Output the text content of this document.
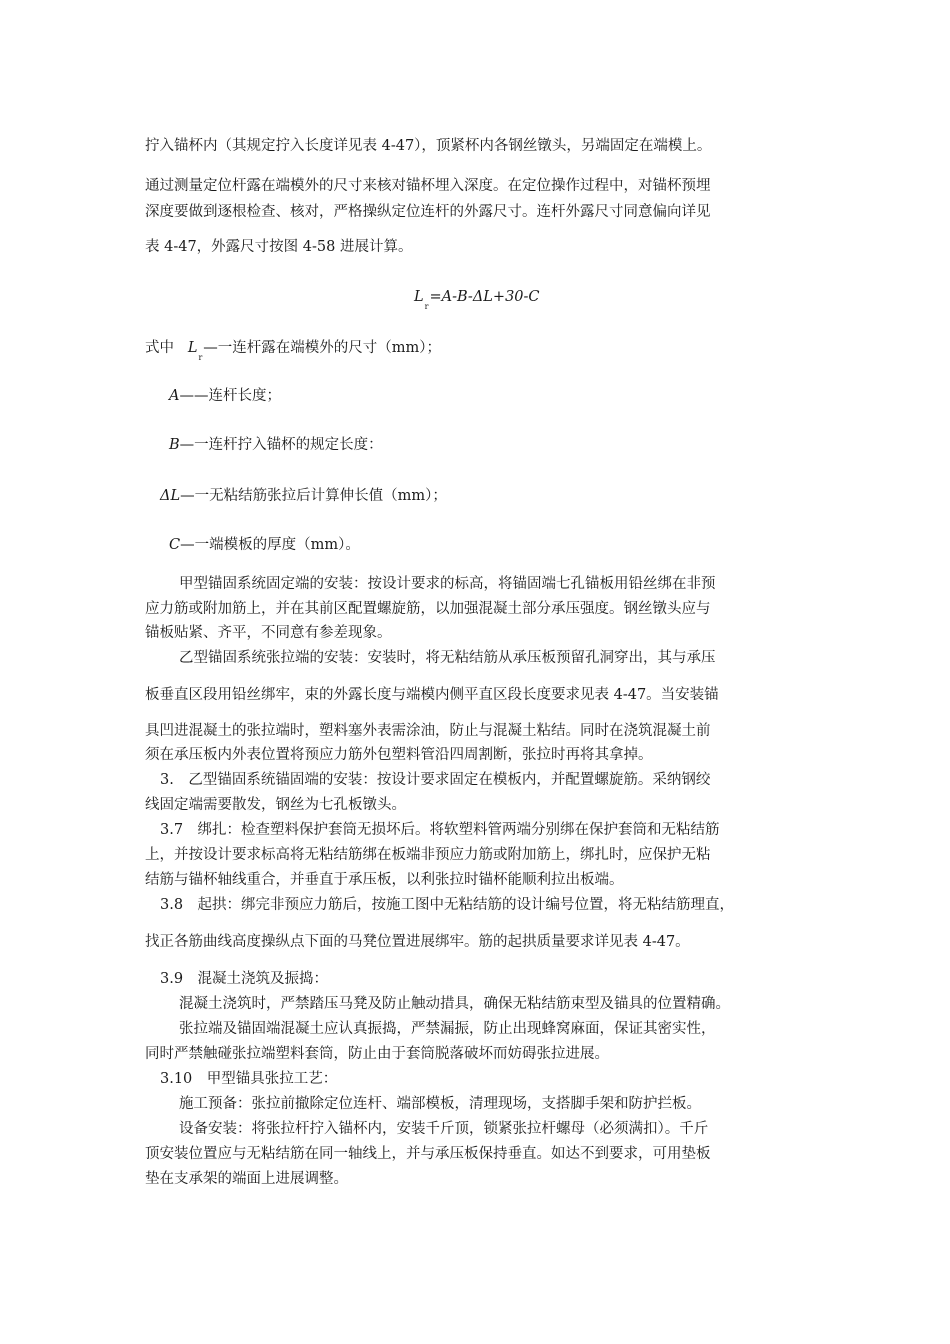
拧入锚杯内（其规定拧入长度详见表 4-47），顶紧杯内各钢丝镦头，另端固定在端模上。
通过测量定位杆露在端模外的尺寸来核对锚杯埋入深度。在定位操作过程中，对锚杯预埋
深度要做到逐根检查、核对，严格操纵定位连杆的外露尺寸。连杆外露尺寸同意偏向详见
表 4-47，外露尺寸按图 4-58 进展计算。
$L_r=A-B-\Delta L+30-C$
式中 $L_r—$一连杆露在端模外的尺寸（mm）；
A——连杆长度；
B—一连杆拧入锚杯的规定长度：
ΔL—一无粘结筋张拉后计算伸长值（mm）；
C—一端模板的厚度（mm）。
甲型锚固系统固定端的安装：按设计要求的标高，将锚固端七孔锚板用铅丝绑在非预
应力筋或附加筋上，并在其前区配置螺旋筋，以加强混凝土部分承压强度。钢丝镦头应与
锚板贴紧、齐平，不同意有参差现象。
乙型锚固系统张拉端的安装：安装时，将无粘结筋从承压板预留孔洞穿出，其与承压
板垂直区段用铅丝绑牢，束的外露长度与端模内侧平直区段长度要求见表 4-47。当安装锚
具凹进混凝土的张拉端时，塑料塞外表需涂油，防止与混凝土粘结。同时在浇筑混凝土前
须在承压板内外表位置将预应力筋外包塑料管沿四周割断，张拉时再将其拿掉。
3.　乙型锚固系统锚固端的安装：按设计要求固定在模板内，并配置螺旋筋。采纳钢绞
线固定端需要散发，钢丝为七孔板镦头。
3.7　绑扎：检查塑料保护套筒无损坏后。将软塑料管两端分别绑在保护套筒和无粘结筋
上，并按设计要求标高将无粘结筋绑在板端非预应力筋或附加筋上，绑扎时，应保护无粘
结筋与锚杯轴线重合，并垂直于承压板，以利张拉时锚杯能顺利拉出板端。
3.8　起拱：绑完非预应力筋后，按施工图中无粘结筋的设计编号位置，将无粘结筋理直，
找正各筋曲线高度操纵点下面的马凳位置进展绑牢。筋的起拱质量要求详见表 4-47。
3.9　混凝土浇筑及振捣：
混凝土浇筑时，严禁踏压马凳及防止触动措具，确保无粘结筋束型及锚具的位置精确。
张拉端及锚固端混凝土应认真振捣，严禁漏振，防止出现蜂窝麻面，保证其密实性，
同时严禁触碰张拉端塑料套筒，防止由于套筒脱落破坏而妨碍张拉进展。
3.10　甲型锚具张拉工艺：
施工预备：张拉前撤除定位连杆、端部模板，清理现场，支搭脚手架和防护拦板。
设备安装：将张拉杆拧入锚杯内，安装千斤顶，锁紧张拉杆螺母（必须满扣）。千斤
顶安装位置应与无粘结筋在同一轴线上，并与承压板保持垂直。如达不到要求，可用垫板
垫在支承架的端面上进展调整。
